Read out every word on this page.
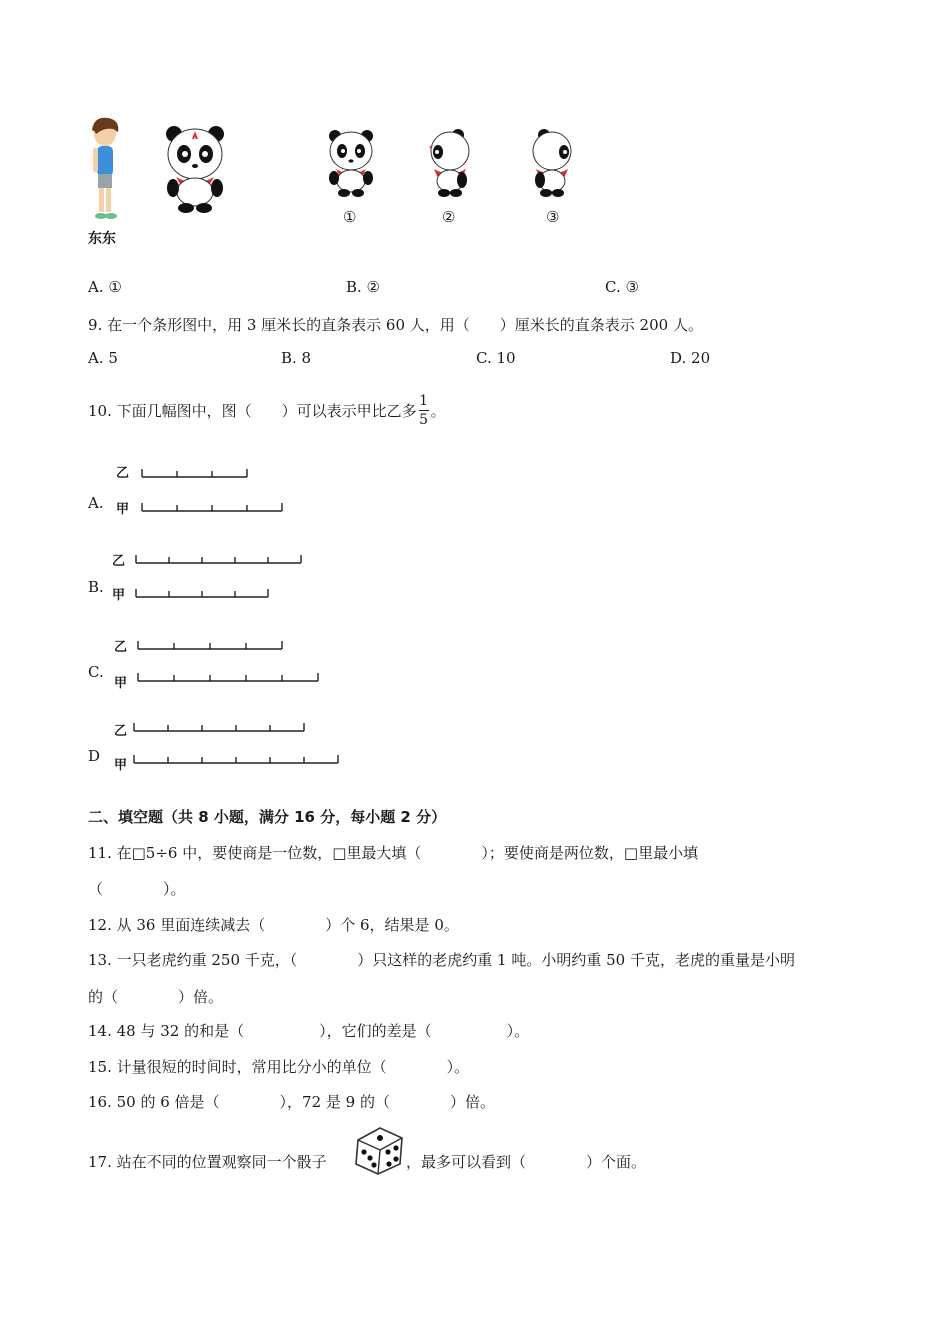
东东
①	②	③
A. ①	B. ②	C. ③
9. 在一个条形图中，用 3 厘米长的直条表示 60 人，用（　　）厘米长的直条表示 200 人。
A. 5	B. 8	C. 10	D. 20
10. 下面几幅图中，图（　　）可以表示甲比乙多 $\frac{1}{5}$ 。
A.
乙
甲
B.
乙
甲
C.
乙
甲
D
乙
甲
二、填空题（共 8 小题，满分 16 分，每小题 2 分）
11. 在□5÷6 中，要使商是一位数，□里最大填（　　　　）；要使商是两位数，□里最小填
（　　　　）。
12. 从 36 里面连续减去（　　　　）个 6，结果是 0。
13. 一只老虎约重 250 千克，（　　　　）只这样的老虎约重 1 吨。小明约重 50 千克，老虎的重量是小明
的（　　　　）倍。
14. 48 与 32 的和是（　　　　　），它们的差是（　　　　　）。
15. 计量很短的时间时，常用比分小的单位（　　　　）。
16. 50 的 6 倍是（　　　　），72 是 9 的（　　　　）倍。
17. 站在不同的位置观察同一个骰子	，最多可以看到（　　　　）个面。
